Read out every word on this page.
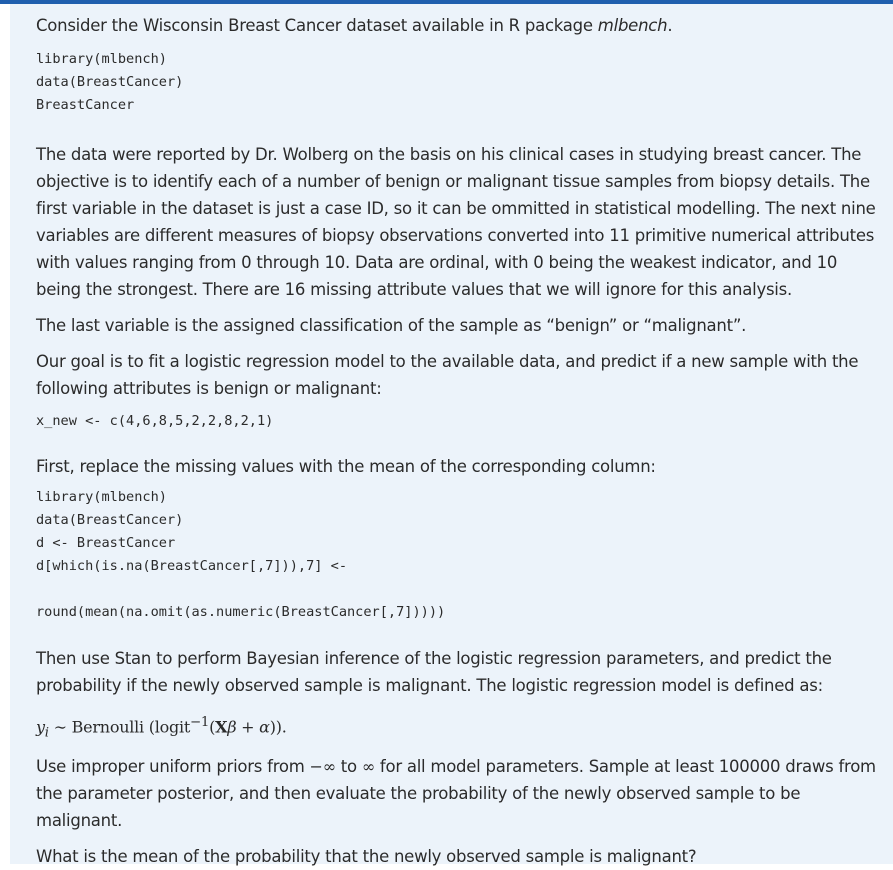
Consider the Wisconsin Breast Cancer dataset available in R package mlbench.

library(mlbench)
data(BreastCancer)
BreastCancer

The data were reported by Dr. Wolberg on the basis on his clinical cases in studying breast cancer. The objective is to identify each of a number of benign or malignant tissue samples from biopsy details. The first variable in the dataset is just a case ID, so it can be ommitted in statistical modelling. The next nine variables are different measures of biopsy observations converted into 11 primitive numerical attributes with values ranging from 0 through 10. Data are ordinal, with 0 being the weakest indicator, and 10 being the strongest. There are 16 missing attribute values that we will ignore for this analysis.

The last variable is the assigned classification of the sample as “benign” or “malignant”.

Our goal is to fit a logistic regression model to the available data, and predict if a new sample with the following attributes is benign or malignant:

x_new <- c(4,6,8,5,2,2,8,2,1)

First, replace the missing values with the mean of the corresponding column:

library(mlbench)
data(BreastCancer)
d <- BreastCancer
d[which(is.na(BreastCancer[,7])),7] <-
round(mean(na.omit(as.numeric(BreastCancer[,7]))))

Then use Stan to perform Bayesian inference of the logistic regression parameters, and predict the probability if the newly observed sample is malignant. The logistic regression model is defined as:

$y_i$ ∼ Bernoulli (logit$^{-1}$(Xβ + α)).

Use improper uniform priors from −∞ to ∞ for all model parameters. Sample at least 100000 draws from the parameter posterior, and then evaluate the probability of the newly observed sample to be malignant.

What is the mean of the probability that the newly observed sample is malignant?
